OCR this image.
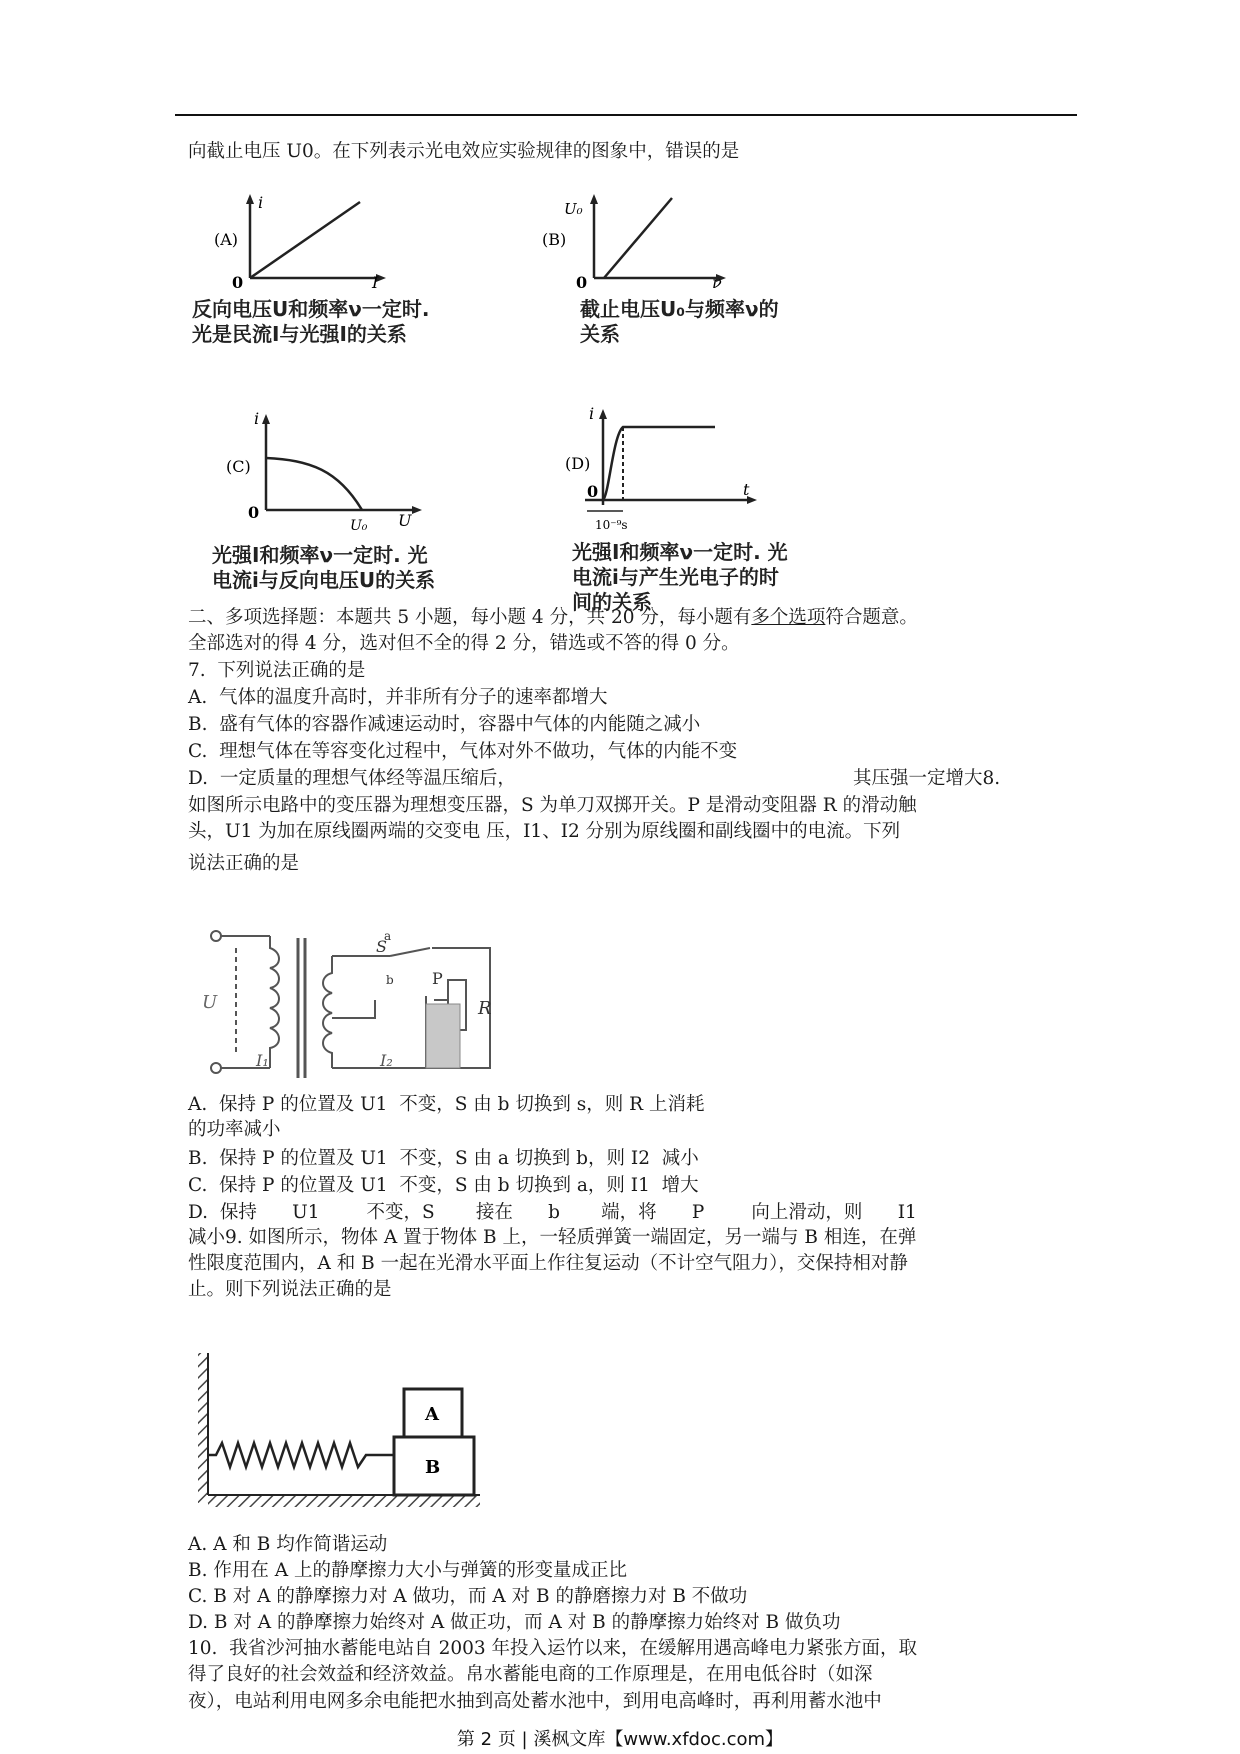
向截止电压 U0。在下列表示光电效应实验规律的图象中，错误的是
(A)
i
0	I
反向电压U和频率ν一定时.
光是民流I与光强I的关系
(B)
U₀
0	ν
截止电压U₀与频率ν的
关系
(C)
i
0
U₀ U
光强I和频率ν一定时. 光
电流i与反向电压U的关系
(D)
i
0
10⁻⁹s
t
光强I和频率ν一定时. 光
电流i与产生光电子的时
间的关系
二、多项选择题：本题共 5 小题，每小题 4 分，共 20 分，每小题有多个选项符合题意。
全部选对的得 4 分，选对但不全的得 2 分，错选或不答的得 0 分。
7.  下列说法正确的是
A.  气体的温度升高时，并非所有分子的速率都增大
B.  盛有气体的容器作减速运动时，容器中气体的内能随之减小
C.  理想气体在等容变化过程中，气体对外不做功，气体的内能不变
D.  一定质量的理想气体经等温压缩后，	其压强一定增大8.
如图所示电路中的变压器为理想变压器，S 为单刀双掷开关。P 是滑动变阻器 R 的滑动触
头，U1 为加在原线圈两端的交变电 压，I1、I2 分别为原线圈和副线圈中的电流。下列
说法正确的是
U
I₁	I₂
S
a
b P
R
A.  保持 P 的位置及 U1  不变，S 由 b 切换到 s，则 R 上消耗
的功率减小
B.  保持 P 的位置及 U1  不变，S 由 a 切换到 b，则 I2  减小
C.  保持 P 的位置及 U1  不变，S 由 b 切换到 a，则 I1  增大
D.  保持      U1        不变，S       接在      b       端，将      P        向上滑动，则      I1
减小9. 如图所示，物体 A 置于物体 B 上，一轻质弹簧一端固定，另一端与 B 相连，在弹
性限度范围内，A 和 B 一起在光滑水平面上作往复运动（不计空气阻力），交保持相对静
止。则下列说法正确的是
A
B
A. A 和 B 均作简谐运动
B. 作用在 A 上的静摩擦力大小与弹簧的形变量成正比
C. B 对 A 的静摩擦力对 A 做功，而 A 对 B 的静磨擦力对 B 不做功
D. B 对 A 的静摩擦力始终对 A 做正功，而 A 对 B 的静摩擦力始终对 B 做负功
10.  我省沙河抽水蓄能电站自 2003 年投入运竹以来，在缓解用遇高峰电力紧张方面，取
得了良好的社会效益和经济效益。帛水蓄能电商的工作原理是，在用电低谷时（如深
夜），电站利用电网多余电能把水抽到高处蓄水池中，到用电高峰时，再利用蓄水池中
第 2 页 | 溪枫文库【www.xfdoc.com】
